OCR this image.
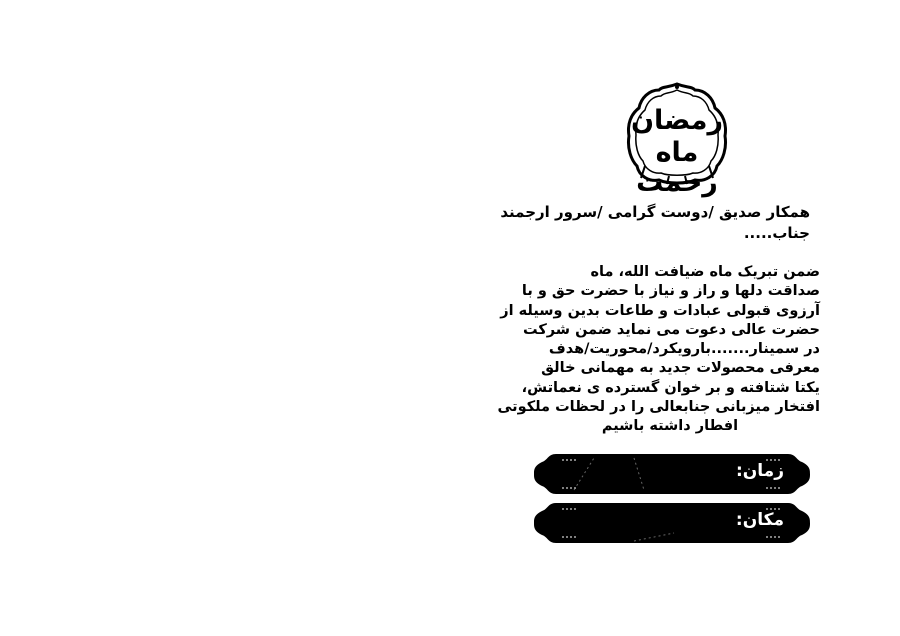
رمضان
ماه رحمت
همکار صدیق /دوست گرامی /سرور ارجمند
جناب.....
ضمن تبریک ماه ضیافت الله، ماه
صداقت دلها و راز و نیاز با حضرت حق و با
آرزوی قبولی عبادات و طاعات بدین وسیله از
حضرت عالی دعوت می نماید ضمن شرکت
در سمینار.......بارویکرد/محوریت/هدف
معرفی محصولات جدید به مهمانی خالق
یکتا شتافته و بر خوان گسترده ی نعماتش،
افتخار میزبانی جنابعالی را در لحظات ملکوتی
افطار داشته باشیم
زمان:
مکان:
